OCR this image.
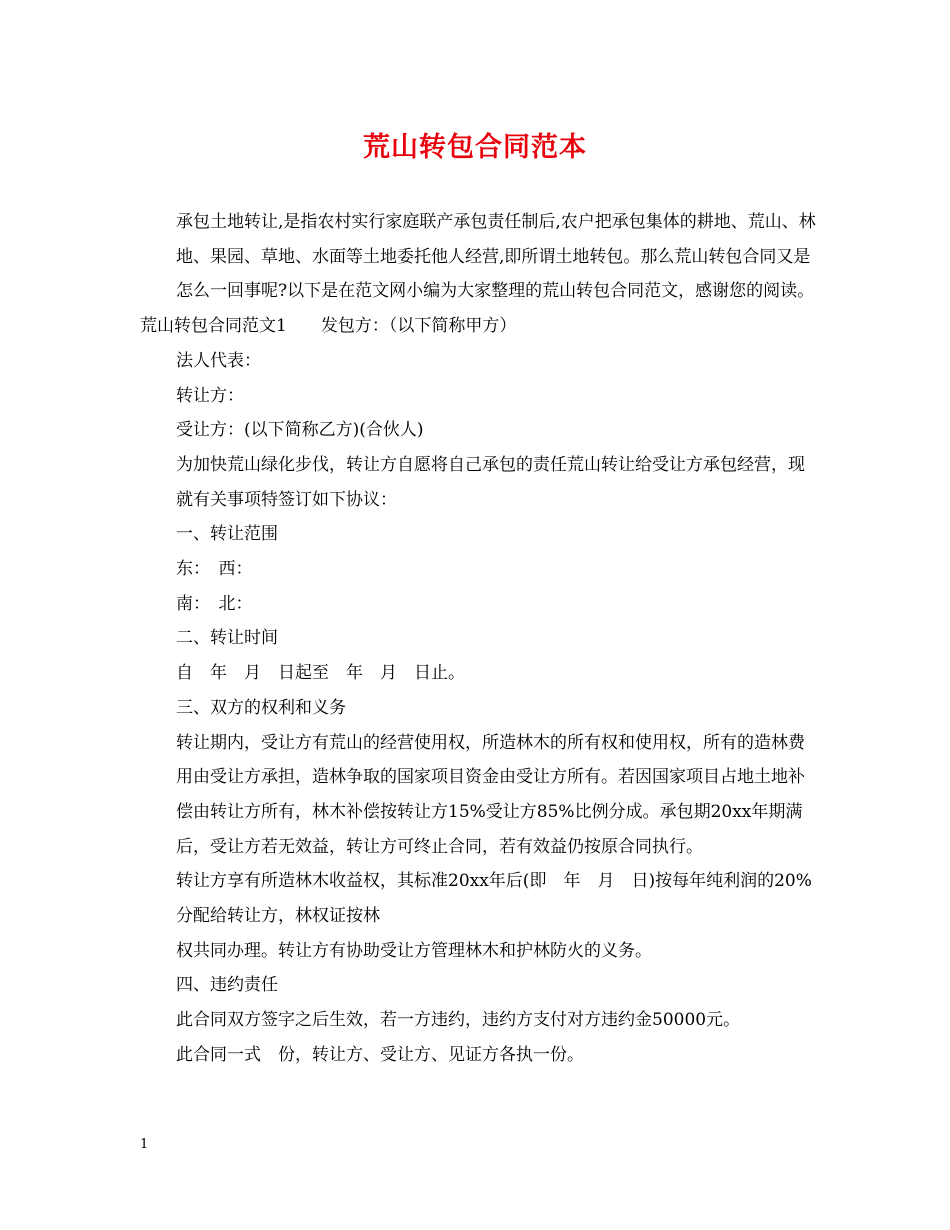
荒山转包合同范本

承包土地转让,是指农村实行家庭联产承包责任制后,农户把承包集体的耕地、荒山、林地、果园、草地、水面等土地委托他人经营,即所谓土地转包。那么荒山转包合同又是怎么一回事呢?以下是在范文网小编为大家整理的荒山转包合同范文，感谢您的阅读。

荒山转包合同范文1　　发包方：（以下简称甲方）

法人代表：

转让方：

受让方：(以下简称乙方)(合伙人)

为加快荒山绿化步伐，转让方自愿将自己承包的责任荒山转让给受让方承包经营，现就有关事项特签订如下协议：

一、转让范围

东：　西：

南：　北：

二、转让时间

自　年　月　日起至　年　月　日止。

三、双方的权利和义务

转让期内，受让方有荒山的经营使用权，所造林木的所有权和使用权，所有的造林费用由受让方承担，造林争取的国家项目资金由受让方所有。若因国家项目占地土地补偿由转让方所有，林木补偿按转让方15%受让方85%比例分成。承包期20xx年期满后，受让方若无效益，转让方可终止合同，若有效益仍按原合同执行。

转让方享有所造林木收益权，其标准20xx年后(即　年　月　日)按每年纯利润的20%分配给转让方，林权证按林

权共同办理。转让方有协助受让方管理林木和护林防火的义务。

四、违约责任

此合同双方签字之后生效，若一方违约，违约方支付对方违约金50000元。

此合同一式　份，转让方、受让方、见证方各执一份。

1
